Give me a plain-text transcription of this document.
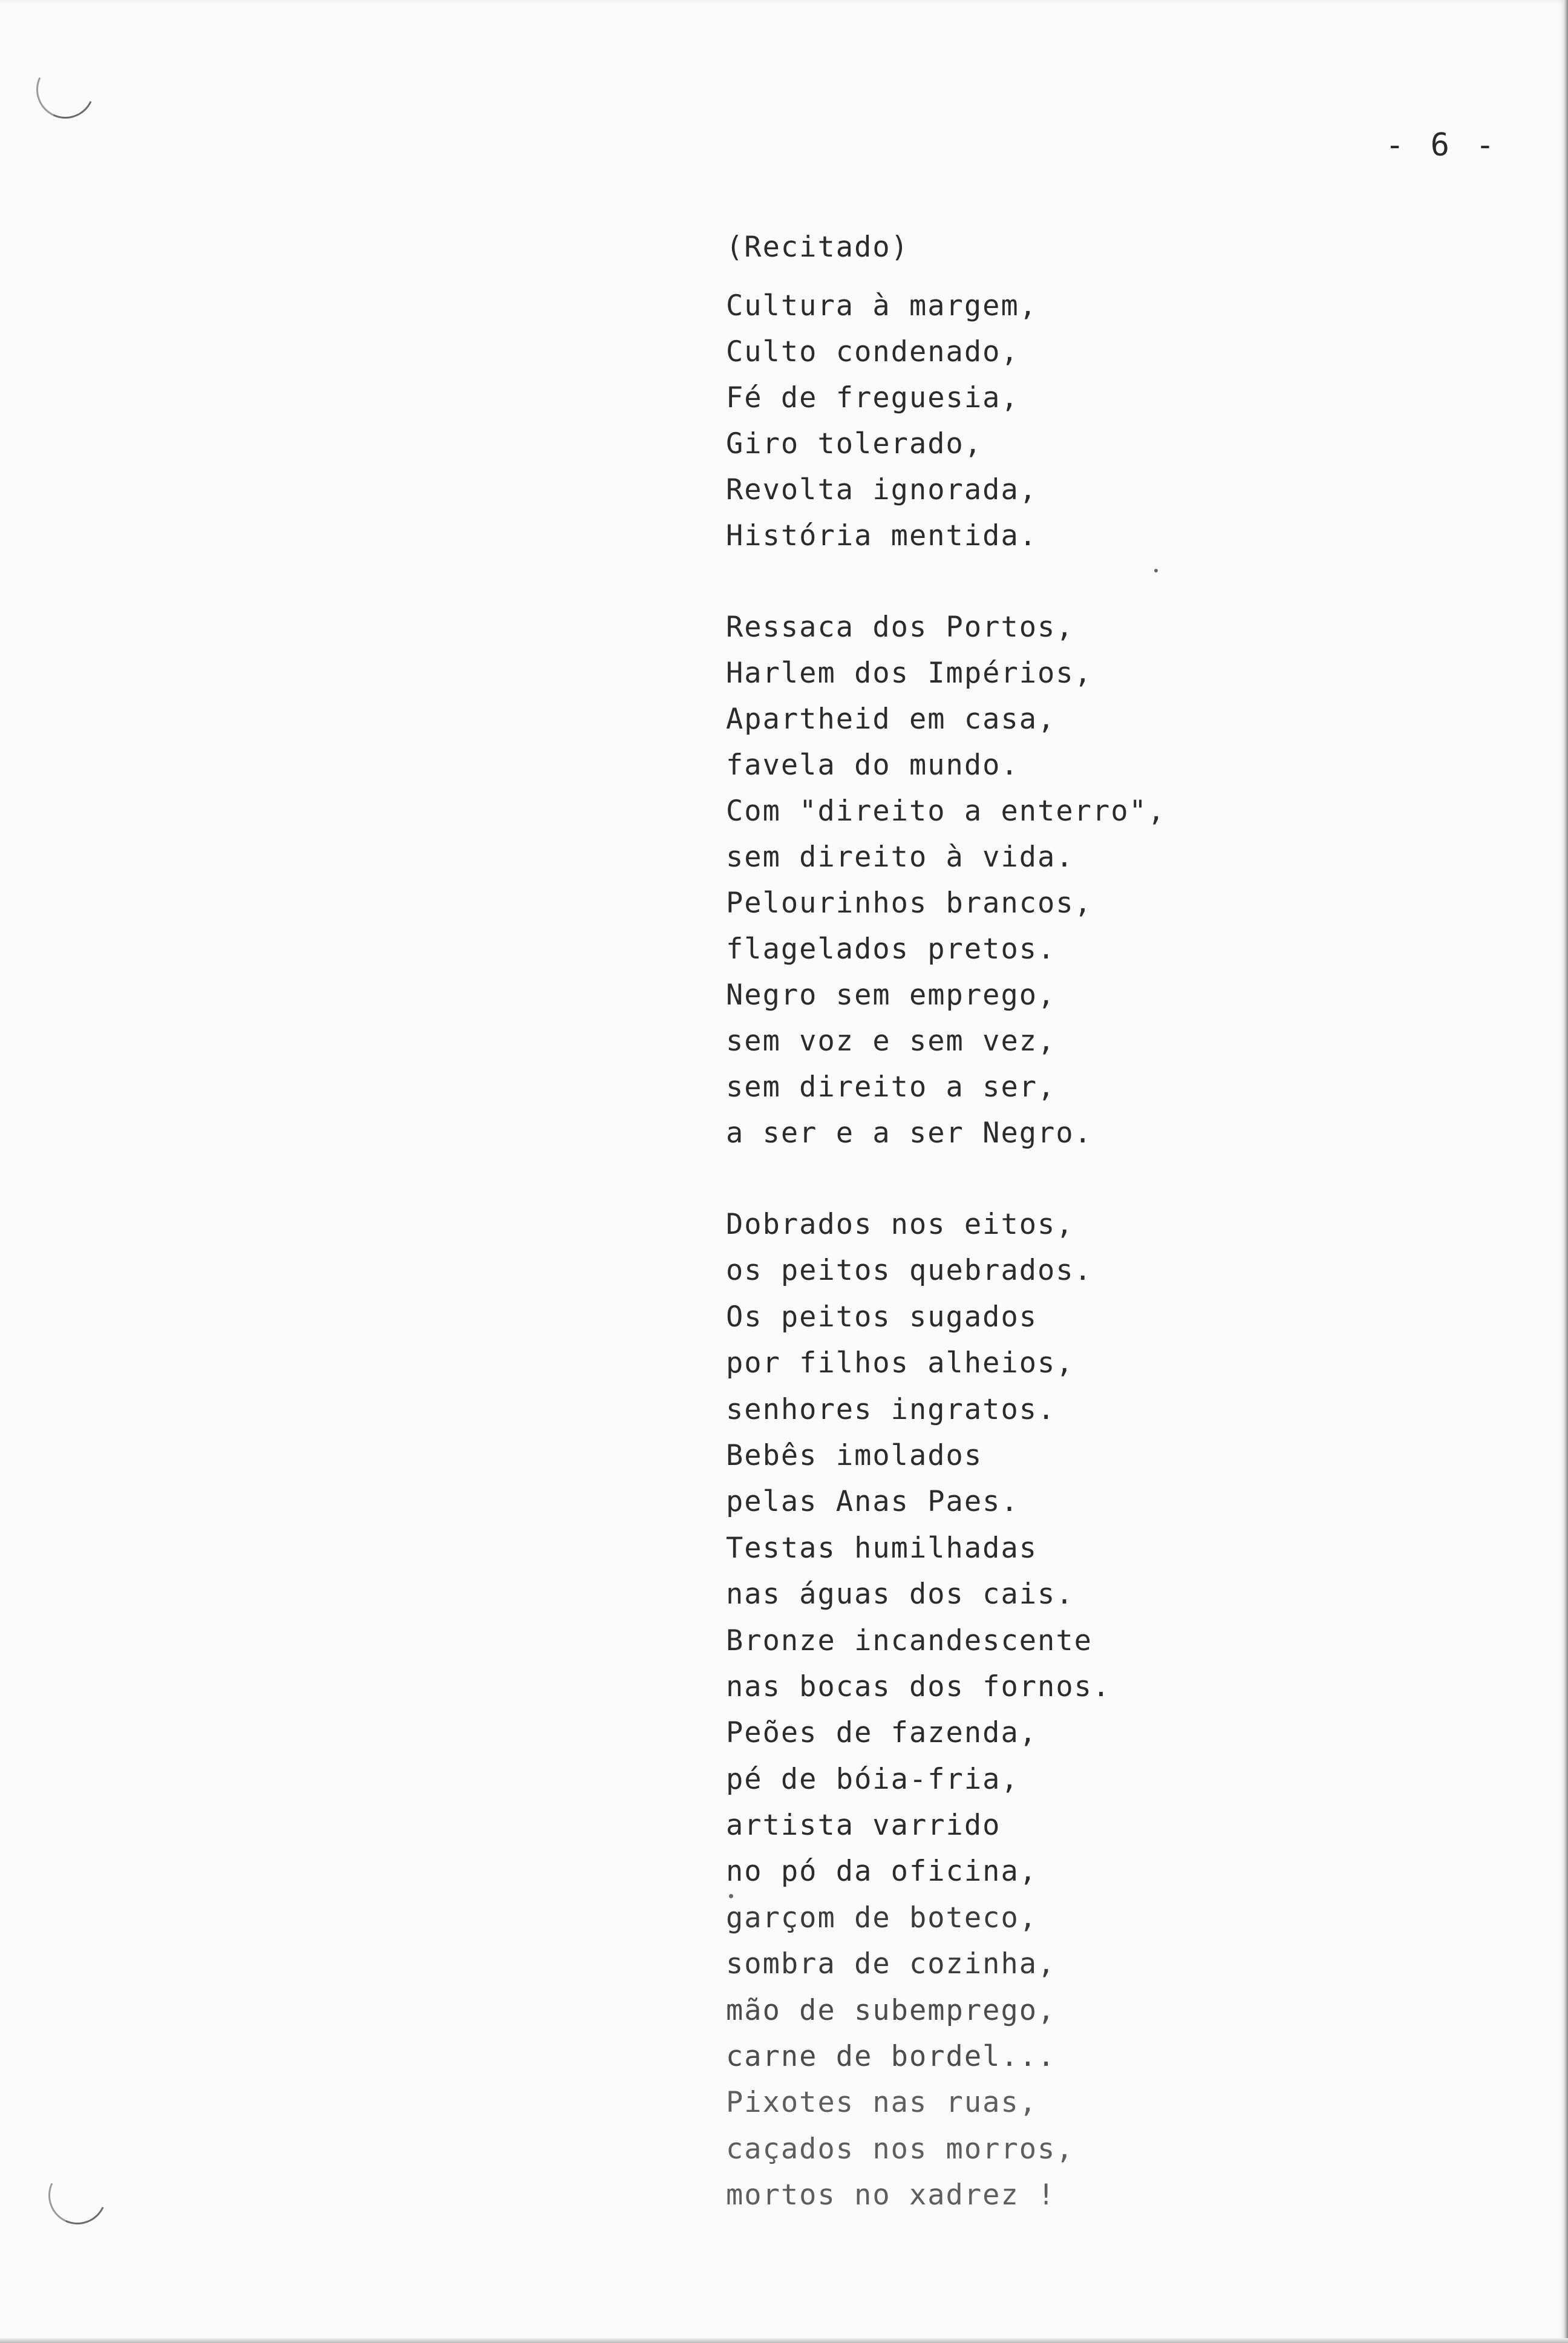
- 6 -
(Recitado)
Cultura à margem,
Culto condenado,
Fé de freguesia,
Giro tolerado,
Revolta ignorada,
História mentida.
Ressaca dos Portos,
Harlem dos Impérios,
Apartheid em casa,
favela do mundo.
Com "direito a enterro",
sem direito à vida.
Pelourinhos brancos,
flagelados pretos.
Negro sem emprego,
sem voz e sem vez,
sem direito a ser,
a ser e a ser Negro.
Dobrados nos eitos,
os peitos quebrados.
Os peitos sugados
por filhos alheios,
senhores ingratos.
Bebês imolados
pelas Anas Paes.
Testas humilhadas
nas águas dos cais.
Bronze incandescente
nas bocas dos fornos.
Peões de fazenda,
pé de bóia-fria,
artista varrido
no pó da oficina,
garçom de boteco,
sombra de cozinha,
mão de subemprego,
carne de bordel...
Pixotes nas ruas,
caçados nos morros,
mortos no xadrez !
